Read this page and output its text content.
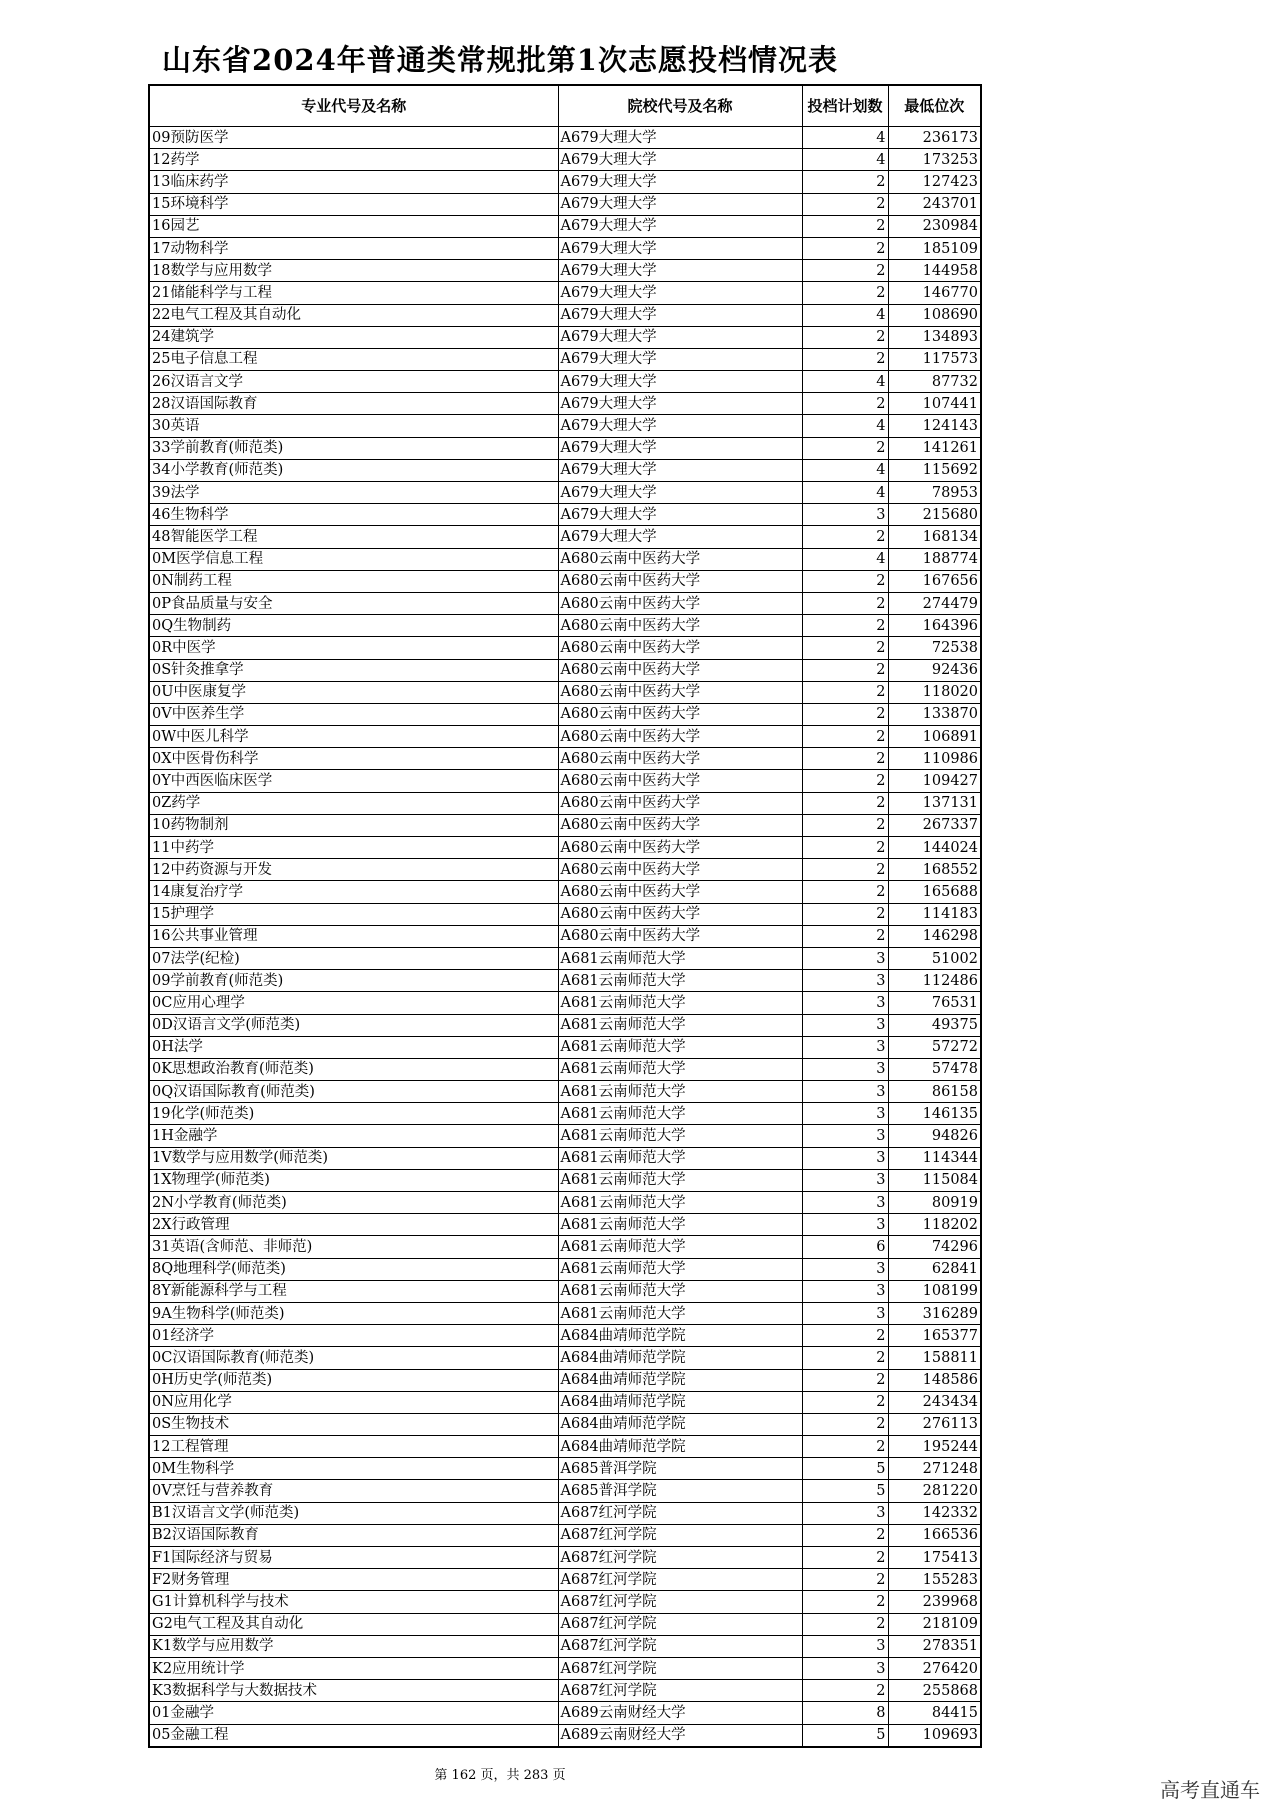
山东省2024年普通类常规批第1次志愿投档情况表
专业代号及名称	院校代号及名称	投档计划数	最低位次
09预防医学	A679大理大学	4	236173
12药学	A679大理大学	4	173253
13临床药学	A679大理大学	2	127423
15环境科学	A679大理大学	2	243701
16园艺	A679大理大学	2	230984
17动物科学	A679大理大学	2	185109
18数学与应用数学	A679大理大学	2	144958
21储能科学与工程	A679大理大学	2	146770
22电气工程及其自动化	A679大理大学	4	108690
24建筑学	A679大理大学	2	134893
25电子信息工程	A679大理大学	2	117573
26汉语言文学	A679大理大学	4	87732
28汉语国际教育	A679大理大学	2	107441
30英语	A679大理大学	4	124143
33学前教育(师范类)	A679大理大学	2	141261
34小学教育(师范类)	A679大理大学	4	115692
39法学	A679大理大学	4	78953
46生物科学	A679大理大学	3	215680
48智能医学工程	A679大理大学	2	168134
0M医学信息工程	A680云南中医药大学	4	188774
0N制药工程	A680云南中医药大学	2	167656
0P食品质量与安全	A680云南中医药大学	2	274479
0Q生物制药	A680云南中医药大学	2	164396
0R中医学	A680云南中医药大学	2	72538
0S针灸推拿学	A680云南中医药大学	2	92436
0U中医康复学	A680云南中医药大学	2	118020
0V中医养生学	A680云南中医药大学	2	133870
0W中医儿科学	A680云南中医药大学	2	106891
0X中医骨伤科学	A680云南中医药大学	2	110986
0Y中西医临床医学	A680云南中医药大学	2	109427
0Z药学	A680云南中医药大学	2	137131
10药物制剂	A680云南中医药大学	2	267337
11中药学	A680云南中医药大学	2	144024
12中药资源与开发	A680云南中医药大学	2	168552
14康复治疗学	A680云南中医药大学	2	165688
15护理学	A680云南中医药大学	2	114183
16公共事业管理	A680云南中医药大学	2	146298
07法学(纪检)	A681云南师范大学	3	51002
09学前教育(师范类)	A681云南师范大学	3	112486
0C应用心理学	A681云南师范大学	3	76531
0D汉语言文学(师范类)	A681云南师范大学	3	49375
0H法学	A681云南师范大学	3	57272
0K思想政治教育(师范类)	A681云南师范大学	3	57478
0Q汉语国际教育(师范类)	A681云南师范大学	3	86158
19化学(师范类)	A681云南师范大学	3	146135
1H金融学	A681云南师范大学	3	94826
1V数学与应用数学(师范类)	A681云南师范大学	3	114344
1X物理学(师范类)	A681云南师范大学	3	115084
2N小学教育(师范类)	A681云南师范大学	3	80919
2X行政管理	A681云南师范大学	3	118202
31英语(含师范、非师范)	A681云南师范大学	6	74296
8Q地理科学(师范类)	A681云南师范大学	3	62841
8Y新能源科学与工程	A681云南师范大学	3	108199
9A生物科学(师范类)	A681云南师范大学	3	316289
01经济学	A684曲靖师范学院	2	165377
0C汉语国际教育(师范类)	A684曲靖师范学院	2	158811
0H历史学(师范类)	A684曲靖师范学院	2	148586
0N应用化学	A684曲靖师范学院	2	243434
0S生物技术	A684曲靖师范学院	2	276113
12工程管理	A684曲靖师范学院	2	195244
0M生物科学	A685普洱学院	5	271248
0V烹饪与营养教育	A685普洱学院	5	281220
B1汉语言文学(师范类)	A687红河学院	3	142332
B2汉语国际教育	A687红河学院	2	166536
F1国际经济与贸易	A687红河学院	2	175413
F2财务管理	A687红河学院	2	155283
G1计算机科学与技术	A687红河学院	2	239968
G2电气工程及其自动化	A687红河学院	2	218109
K1数学与应用数学	A687红河学院	3	278351
K2应用统计学	A687红河学院	3	276420
K3数据科学与大数据技术	A687红河学院	2	255868
01金融学	A689云南财经大学	8	84415
05金融工程	A689云南财经大学	5	109693
第 162 页，共 283 页
高考直通车
